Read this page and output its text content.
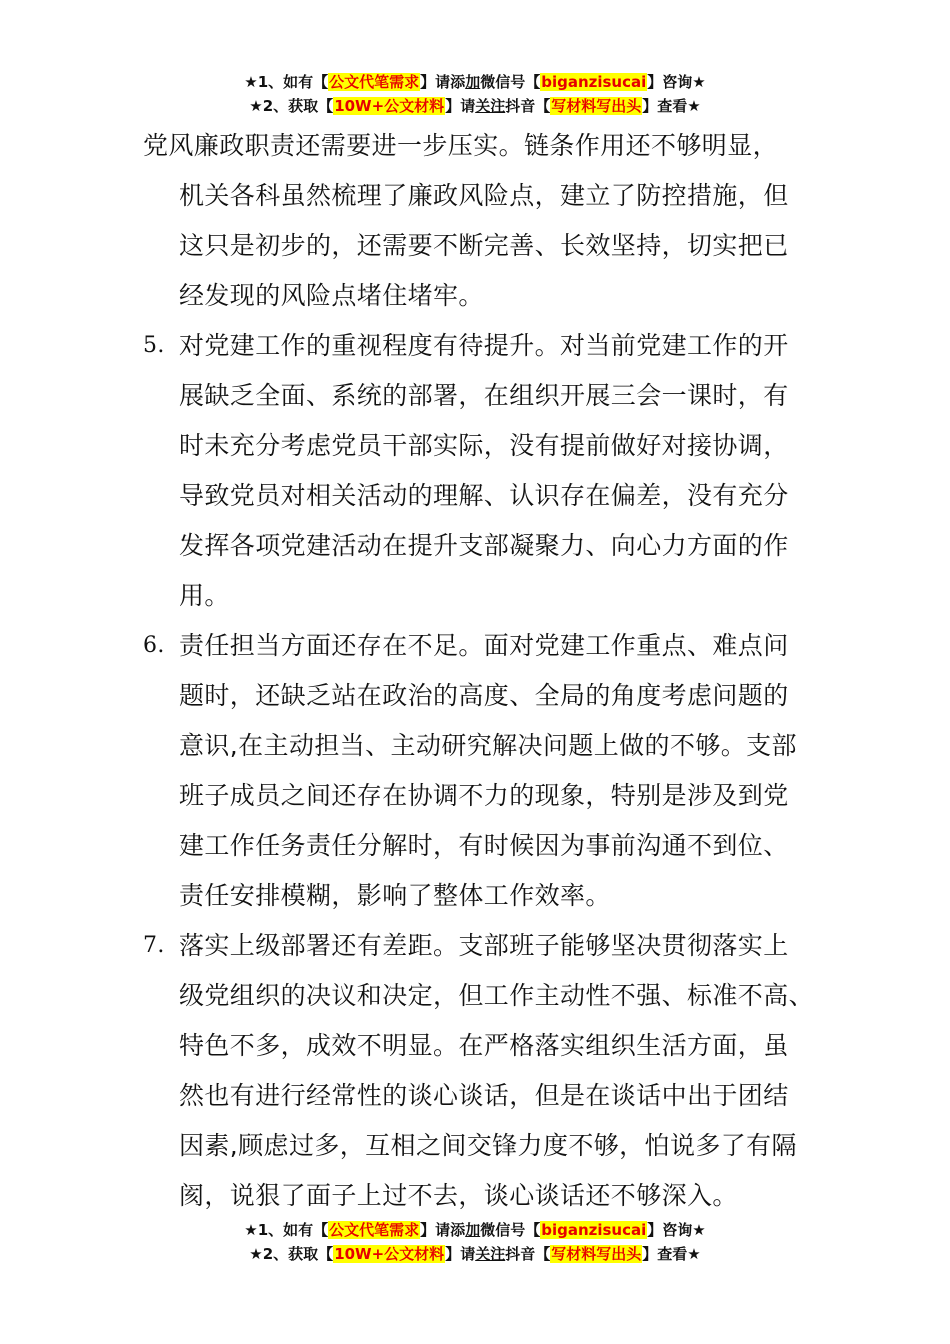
★1、如有【公文代笔需求】请添加微信号【biganzisucai】咨询★
★2、获取【10W+公文材料】请关注抖音【写材料写出头】查看★
党风廉政职责还需要进一步压实。链条作用还不够明显，
机关各科虽然梳理了廉政风险点，建立了防控措施，但
这只是初步的，还需要不断完善、长效坚持，切实把已
经发现的风险点堵住堵牢。
5. 对党建工作的重视程度有待提升。对当前党建工作的开
展缺乏全面、系统的部署，在组织开展三会一课时，有
时未充分考虑党员干部实际，没有提前做好对接协调，
导致党员对相关活动的理解、认识存在偏差，没有充分
发挥各项党建活动在提升支部凝聚力、向心力方面的作
用。
6. 责任担当方面还存在不足。面对党建工作重点、难点问
题时，还缺乏站在政治的高度、全局的角度考虑问题的
意识,在主动担当、主动研究解决问题上做的不够。支部
班子成员之间还存在协调不力的现象，特别是涉及到党
建工作任务责任分解时，有时候因为事前沟通不到位、
责任安排模糊，影响了整体工作效率。
7. 落实上级部署还有差距。支部班子能够坚决贯彻落实上
级党组织的决议和决定，但工作主动性不强、标准不高、
特色不多，成效不明显。在严格落实组织生活方面，虽
然也有进行经常性的谈心谈话，但是在谈话中出于团结
因素,顾虑过多，互相之间交锋力度不够，怕说多了有隔
阂，说狠了面子上过不去，谈心谈话还不够深入。
★1、如有【公文代笔需求】请添加微信号【biganzisucai】咨询★
★2、获取【10W+公文材料】请关注抖音【写材料写出头】查看★
